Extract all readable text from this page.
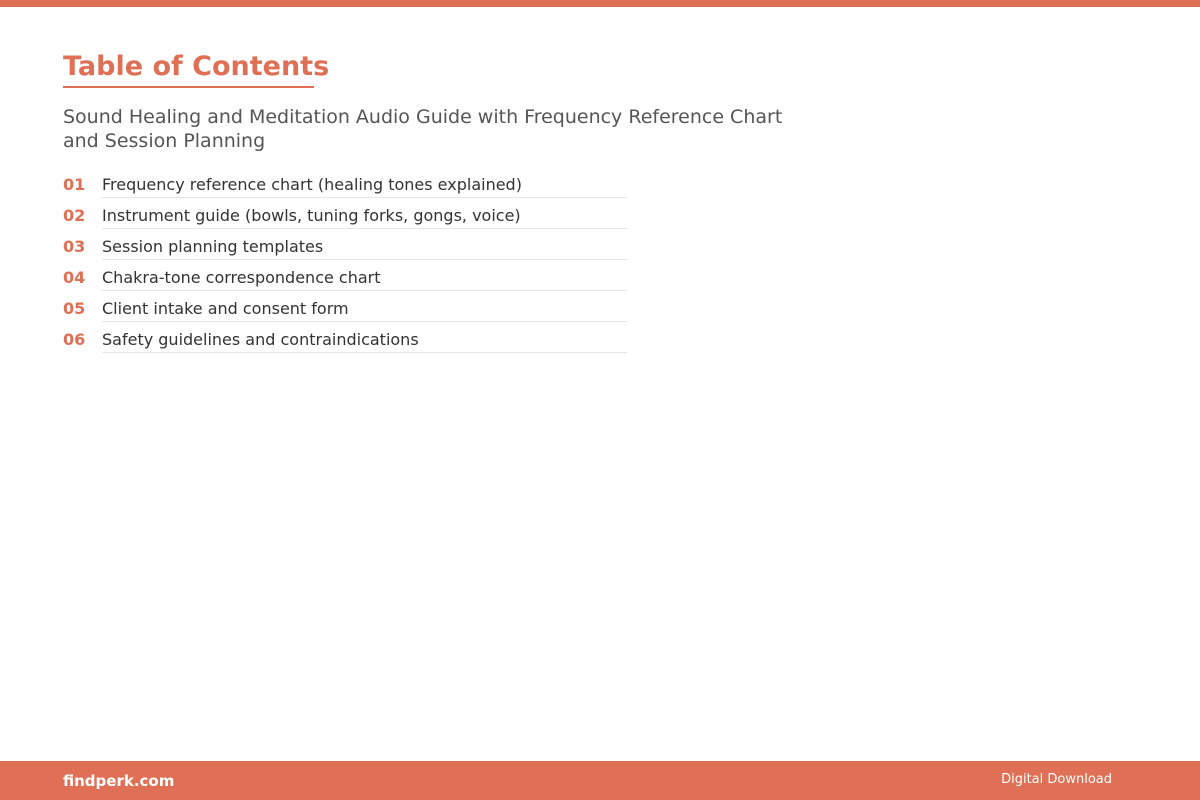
Table of Contents

Sound Healing and Meditation Audio Guide with Frequency Reference Chart and Session Planning

01 Frequency reference chart (healing tones explained)
02 Instrument guide (bowls, tuning forks, gongs, voice)
03 Session planning templates
04 Chakra-tone correspondence chart
05 Client intake and consent form
06 Safety guidelines and contraindications
findperk.com	Digital Download
